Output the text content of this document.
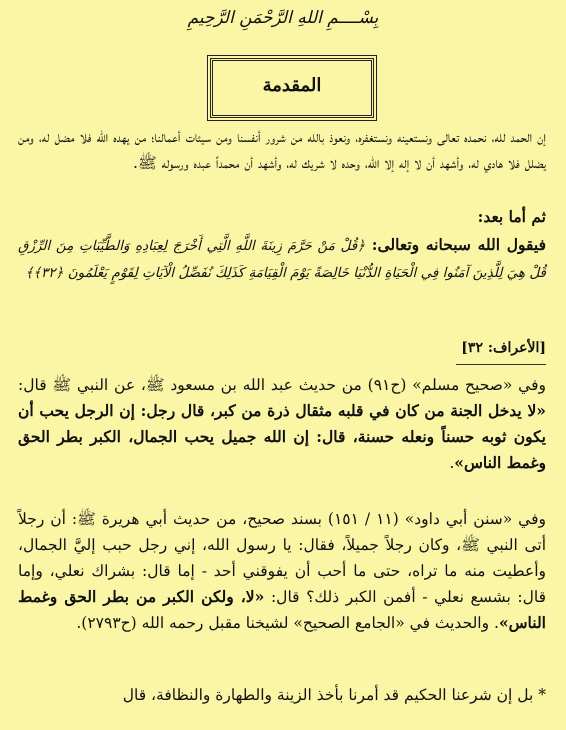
بِسْــــمِ اللهِ الرَّحْمَنِ الرَّحِيمِ
المقدمة
إن الحمد لله، نحمده تعالى ونستعينه ونستغفره، ونعوذ بالله من شرور أنفسنا ومن سيئات أعمالنا؛ من يهده الله فلا مضل له، ومن يضلل فلا هادي له، وأشهد أن لا إله إلا الله، وحده لا شريك له، وأشهد أن محمداً عبده ورسوله ﷺ.
ثم أما بعد:
فيقول الله سبحانه وتعالى: ﴿قُلْ مَنْ حَرَّمَ زِينَةَ اللَّهِ الَّتِي أَخْرَجَ لِعِبَادِهِ وَالطَّيِّبَاتِ مِنَ الرِّزْقِ قُلْ هِيَ لِلَّذِينَ آمَنُوا فِي الْحَيَاةِ الدُّنْيَا خَالِصَةً يَوْمَ الْقِيَامَةِ كَذَلِكَ نُفَصِّلُ الْآيَاتِ لِقَوْمٍ يَعْلَمُونَ ﴿٣٢﴾﴾
[الأعراف: ٣٢]
وفي «صحيح مسلم» (ح٩١) من حديث عبد الله بن مسعود ﷺ، عن النبي ﷺ قال: «لا يدخل الجنة من كان في قلبه مثقال ذرة من كبر، قال رجل: إن الرجل يحب أن يكون ثوبه حسناً ونعله حسنة، قال: إن الله جميل يحب الجمال، الكبر بطر الحق وغمط الناس».
وفي «سنن أبي داود» (١١ / ١٥١) بسند صحيح، من حديث أبي هريرة ﷺ: أن رجلاً أتى النبي ﷺ، وكان رجلاً جميلاً، فقال: يا رسول الله، إني رجل حبب إليَّ الجمال، وأعطيت منه ما تراه، حتى ما أحب أن يفوقني أحد - إما قال: بشراك نعلي، وإما قال: بشسع نعلي - أفمن الكبر ذلك؟ قال: «لا، ولكن الكبر من بطر الحق وغمط الناس». والحديث في «الجامع الصحيح» لشيخنا مقبل رحمه الله (ح٢٧٩٣).
* بل إن شرعنا الحكيم قد أمرنا بأخذ الزينة والطهارة والنظافة، قال
